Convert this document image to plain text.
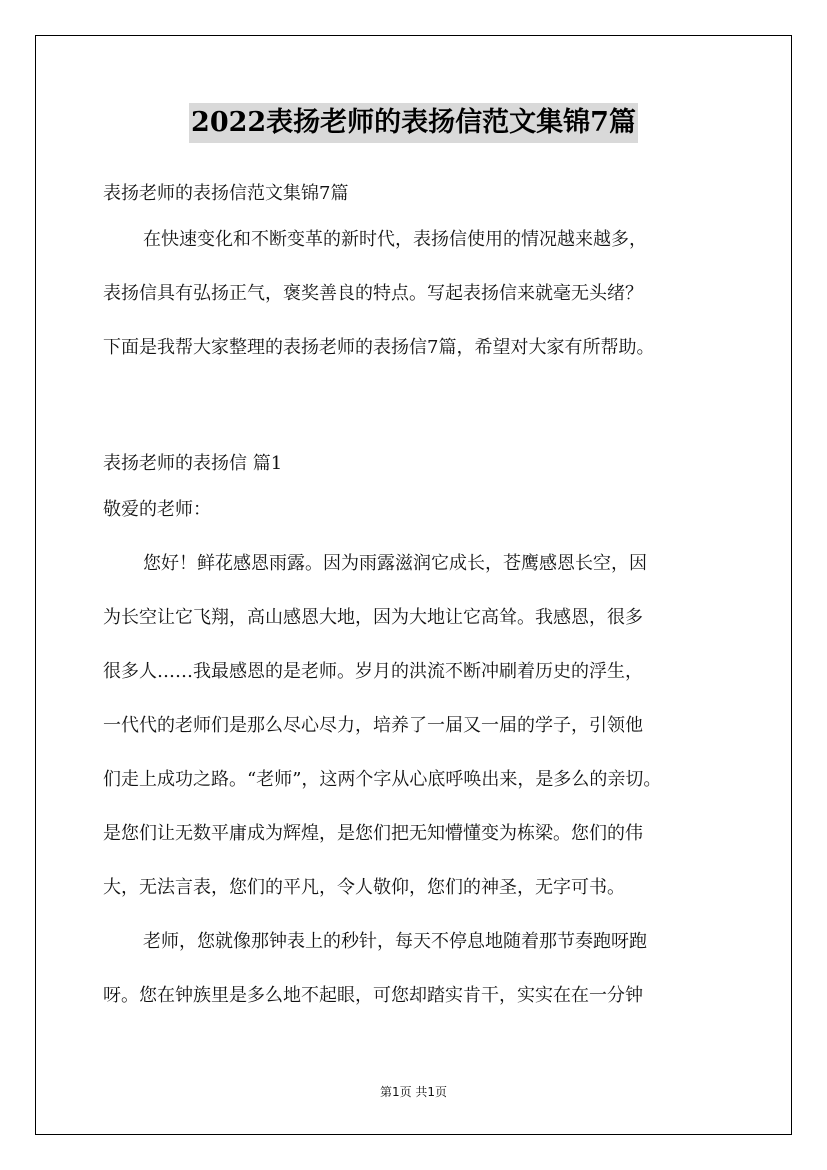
2022表扬老师的表扬信范文集锦7篇
表扬老师的表扬信范文集锦7篇
在快速变化和不断变革的新时代，表扬信使用的情况越来越多，
表扬信具有弘扬正气，褒奖善良的特点。写起表扬信来就毫无头绪？
下面是我帮大家整理的表扬老师的表扬信7篇，希望对大家有所帮助。
表扬老师的表扬信 篇1
敬爱的老师：
您好！鲜花感恩雨露。因为雨露滋润它成长，苍鹰感恩长空，因
为长空让它飞翔，高山感恩大地，因为大地让它高耸。我感恩，很多
很多人……我最感恩的是老师。岁月的洪流不断冲刷着历史的浮生，
一代代的老师们是那么尽心尽力，培养了一届又一届的学子，引领他
们走上成功之路。“老师”，这两个字从心底呼唤出来，是多么的亲切。
是您们让无数平庸成为辉煌，是您们把无知懵懂变为栋梁。您们的伟
大，无法言表，您们的平凡，令人敬仰，您们的神圣，无字可书。
老师，您就像那钟表上的秒针，每天不停息地随着那节奏跑呀跑
呀。您在钟族里是多么地不起眼，可您却踏实肯干，实实在在一分钟
第1页 共1页
